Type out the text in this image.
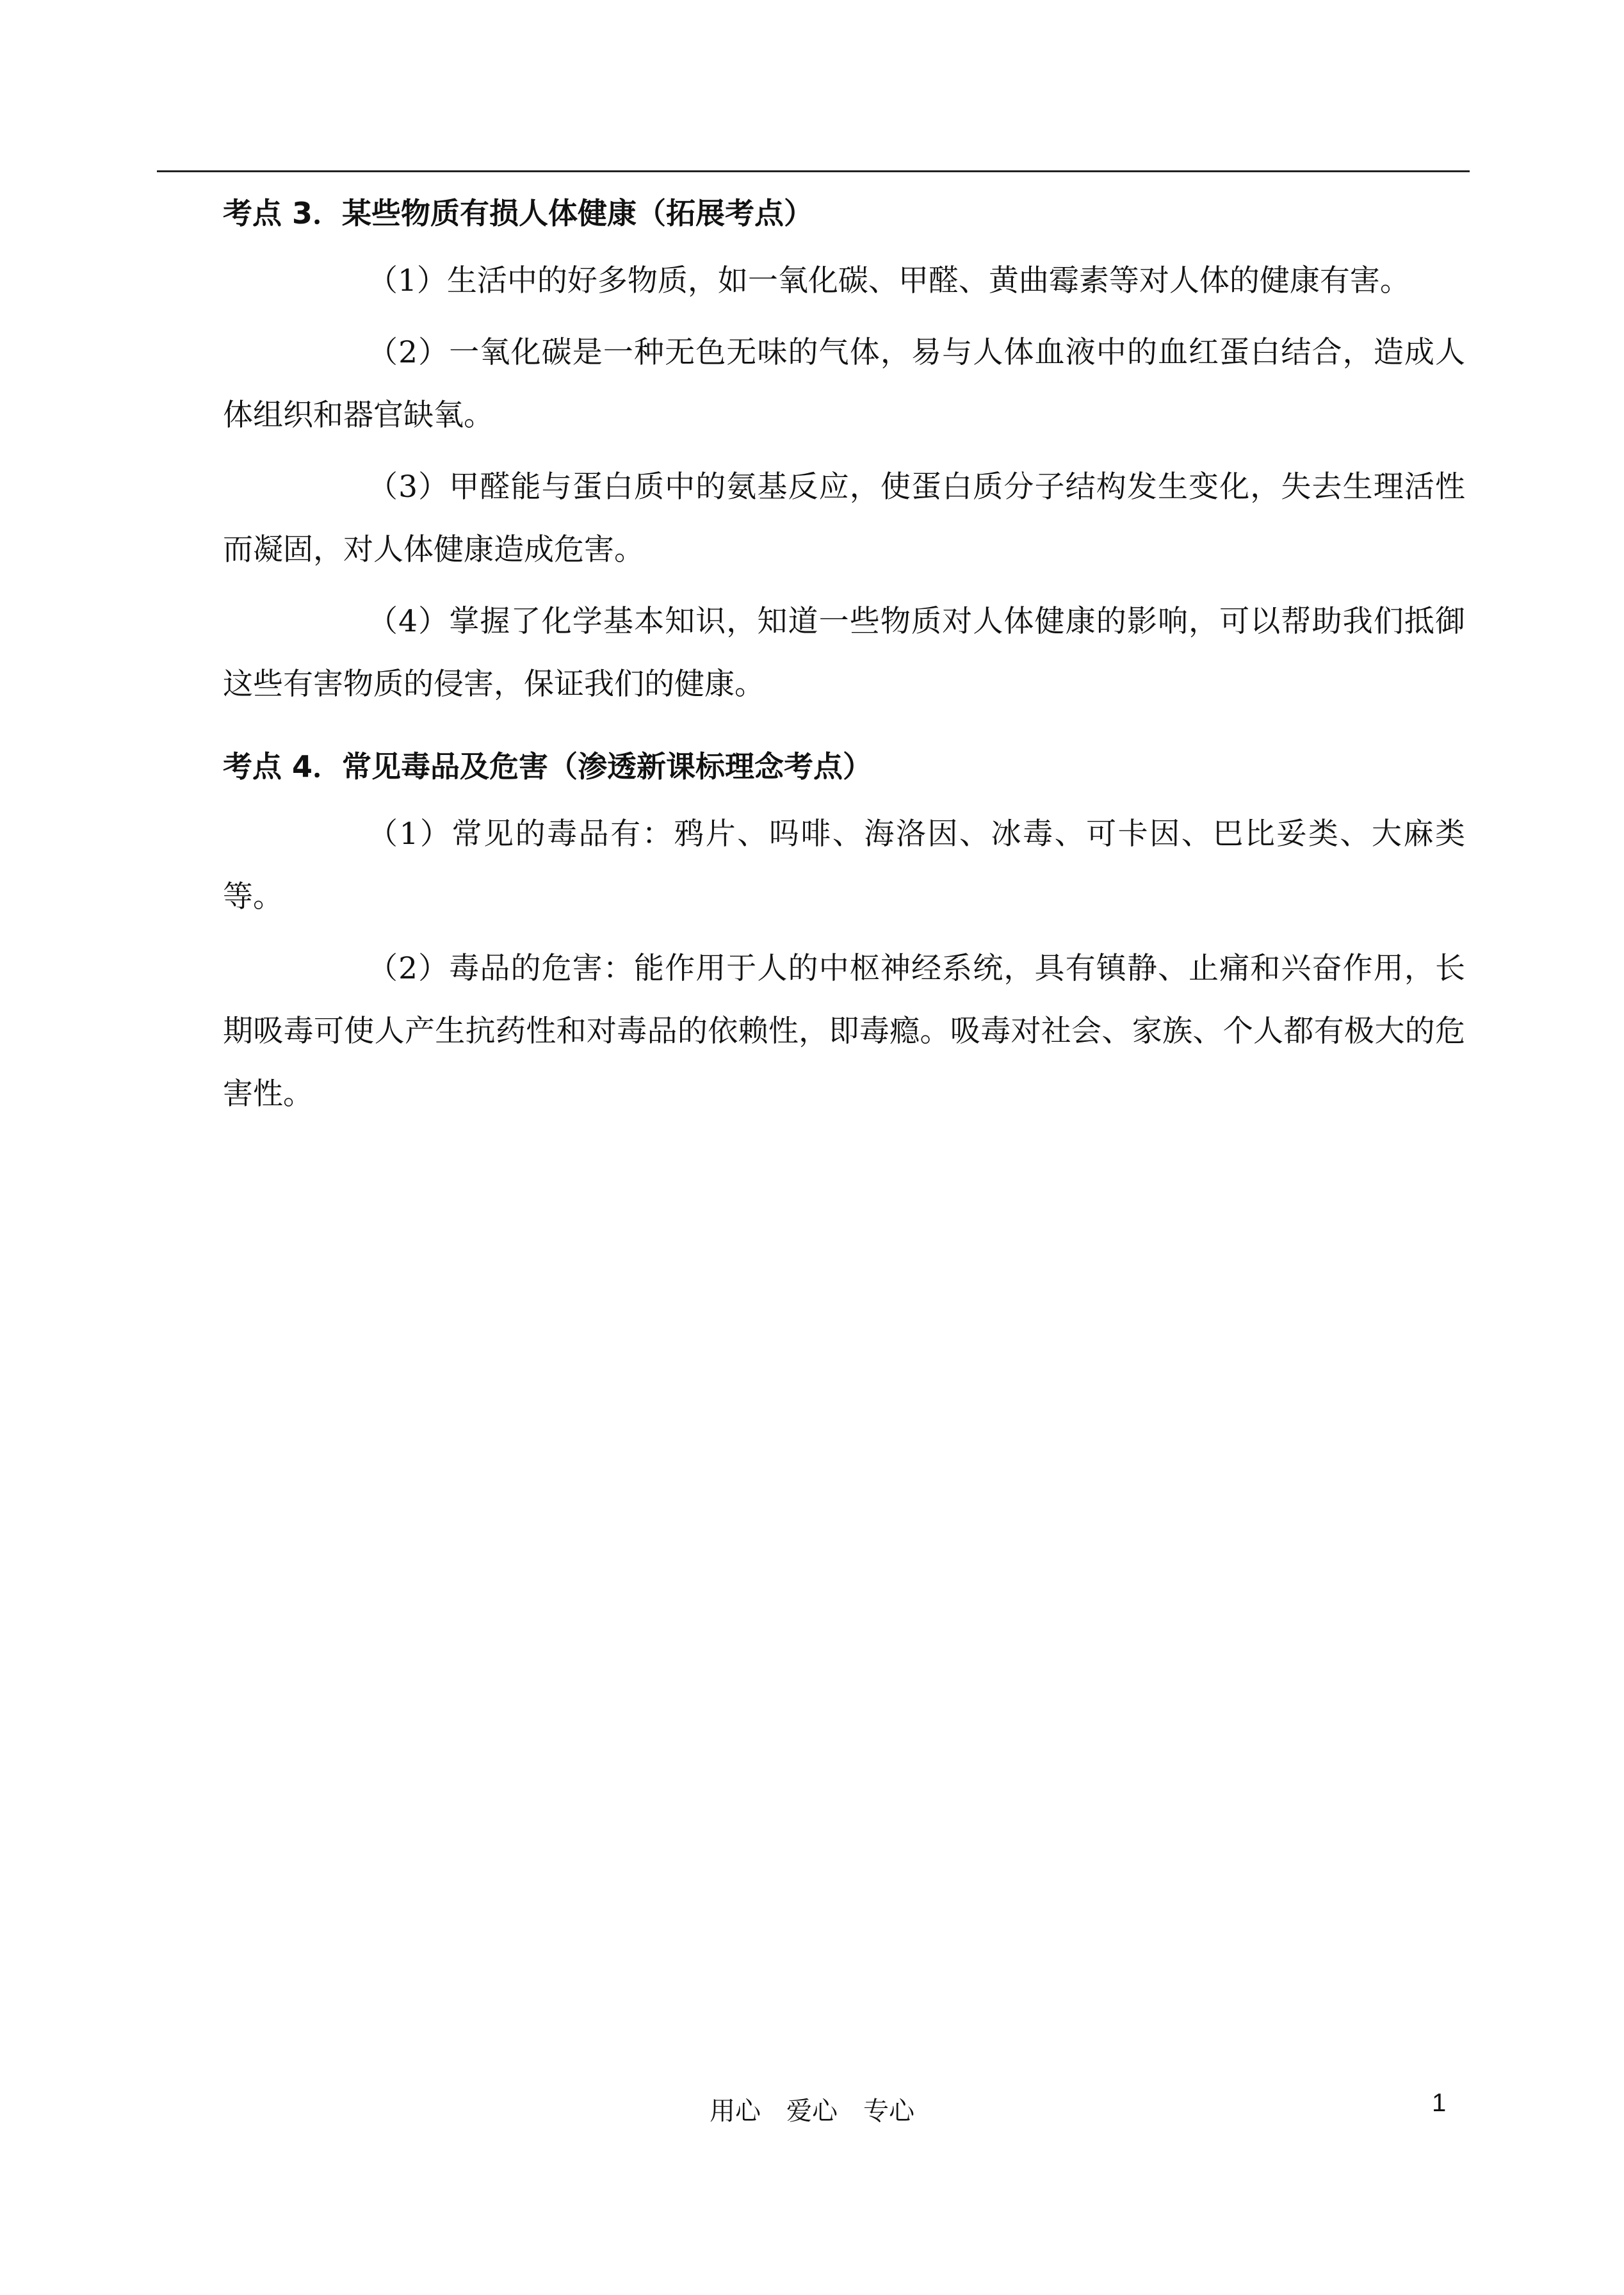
考点 3．某些物质有损人体健康（拓展考点）

（1）生活中的好多物质，如一氧化碳、甲醛、黄曲霉素等对人体的健康有害。

（2）一氧化碳是一种无色无味的气体，易与人体血液中的血红蛋白结合，造成人体组织和器官缺氧。

（3）甲醛能与蛋白质中的氨基反应，使蛋白质分子结构发生变化，失去生理活性而凝固，对人体健康造成危害。

（4）掌握了化学基本知识，知道一些物质对人体健康的影响，可以帮助我们抵御这些有害物质的侵害，保证我们的健康。

考点 4．常见毒品及危害（渗透新课标理念考点）

（1）常见的毒品有：鸦片、吗啡、海洛因、冰毒、可卡因、巴比妥类、大麻类等。

（2）毒品的危害：能作用于人的中枢神经系统，具有镇静、止痛和兴奋作用，长期吸毒可使人产生抗药性和对毒品的依赖性，即毒瘾。吸毒对社会、家族、个人都有极大的危害性。

用心　爱心　专心	1
